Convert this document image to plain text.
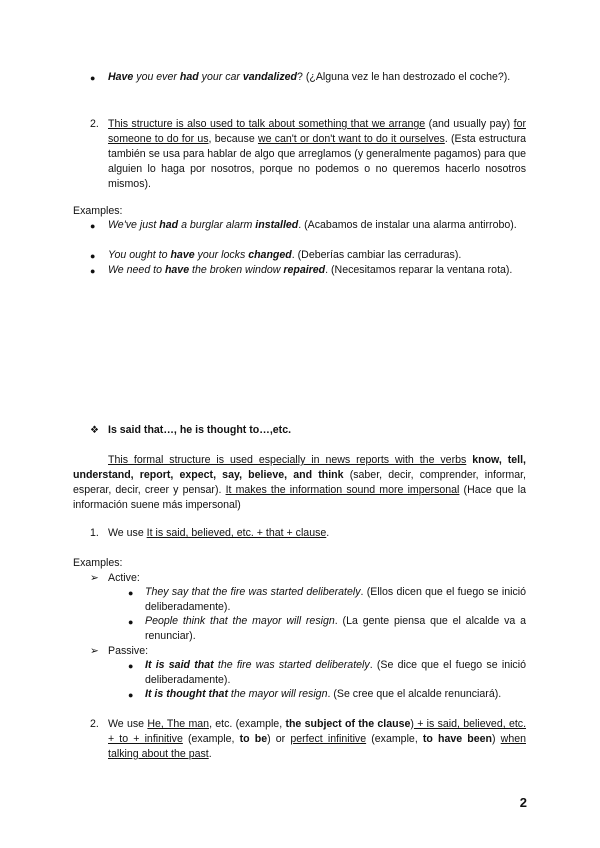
● Have you ever had your car vandalized? (¿Alguna vez le han destrozado el coche?).

2. This structure is also used to talk about something that we arrange (and usually pay) for someone to do for us, because we can't or don't want to do it ourselves. (Esta estructura también se usa para hablar de algo que arreglamos (y generalmente pagamos) para que alguien lo haga por nosotros, porque no podemos o no queremos hacerlo nosotros mismos).

Examples:

● We've just had a burglar alarm installed. (Acabamos de instalar una alarma antirrobo).

● You ought to have your locks changed. (Deberías cambiar las cerraduras).

● We need to have the broken window repaired. (Necesitamos reparar la ventana rota).

❖ Is said that…, he is thought to…,etc.

This formal structure is used especially in news reports with the verbs know, tell, understand, report, expect, say, believe, and think (saber, decir, comprender, informar, esperar, decir, creer y pensar). It makes the information sound more impersonal (Hace que la información suene más impersonal)

1. We use It is said, believed, etc. + that + clause.

Examples:

➢ Active:

● They say that the fire was started deliberately. (Ellos dicen que el fuego se inició deliberadamente).

● People think that the mayor will resign. (La gente piensa que el alcalde va a renunciar).

➢ Passive:

● It is said that the fire was started deliberately. (Se dice que el fuego se inició deliberadamente).

● It is thought that the mayor will resign. (Se cree que el alcalde renunciará).

2. We use He, The man, etc. (example, the subject of the clause) + is said, believed, etc. + to + infinitive (example, to be) or perfect infinitive (example, to have been) when talking about the past.

2
